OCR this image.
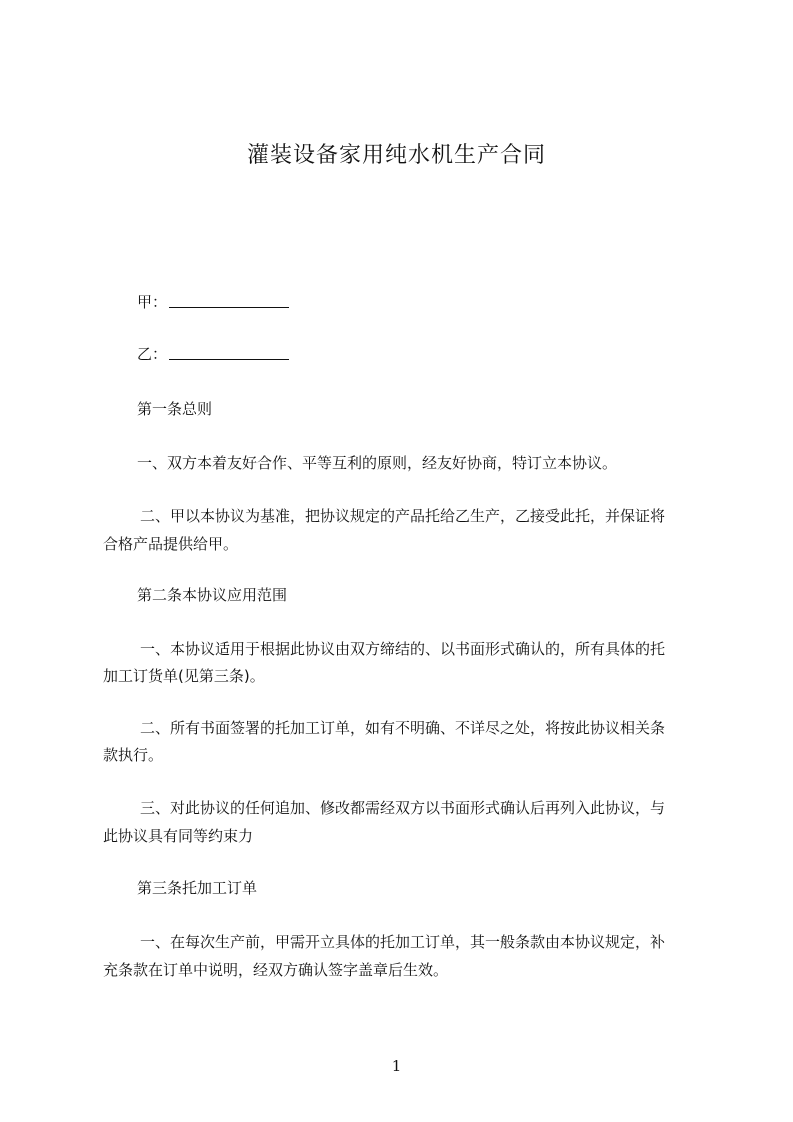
灌装设备家用纯水机生产合同
甲：
乙：
第一条总则
一、双方本着友好合作、平等互利的原则，经友好协商，特订立本协议。
二、甲以本协议为基准，把协议规定的产品托给乙生产，乙接受此托，并保证将
合格产品提供给甲。
第二条本协议应用范围
一、本协议适用于根据此协议由双方缔结的、以书面形式确认的，所有具体的托
加工订货单(见第三条)。
二、所有书面签署的托加工订单，如有不明确、不详尽之处，将按此协议相关条
款执行。
三、对此协议的任何追加、修改都需经双方以书面形式确认后再列入此协议，与
此协议具有同等约束力
第三条托加工订单
一、在每次生产前，甲需开立具体的托加工订单，其一般条款由本协议规定，补
充条款在订单中说明，经双方确认签字盖章后生效。
1
